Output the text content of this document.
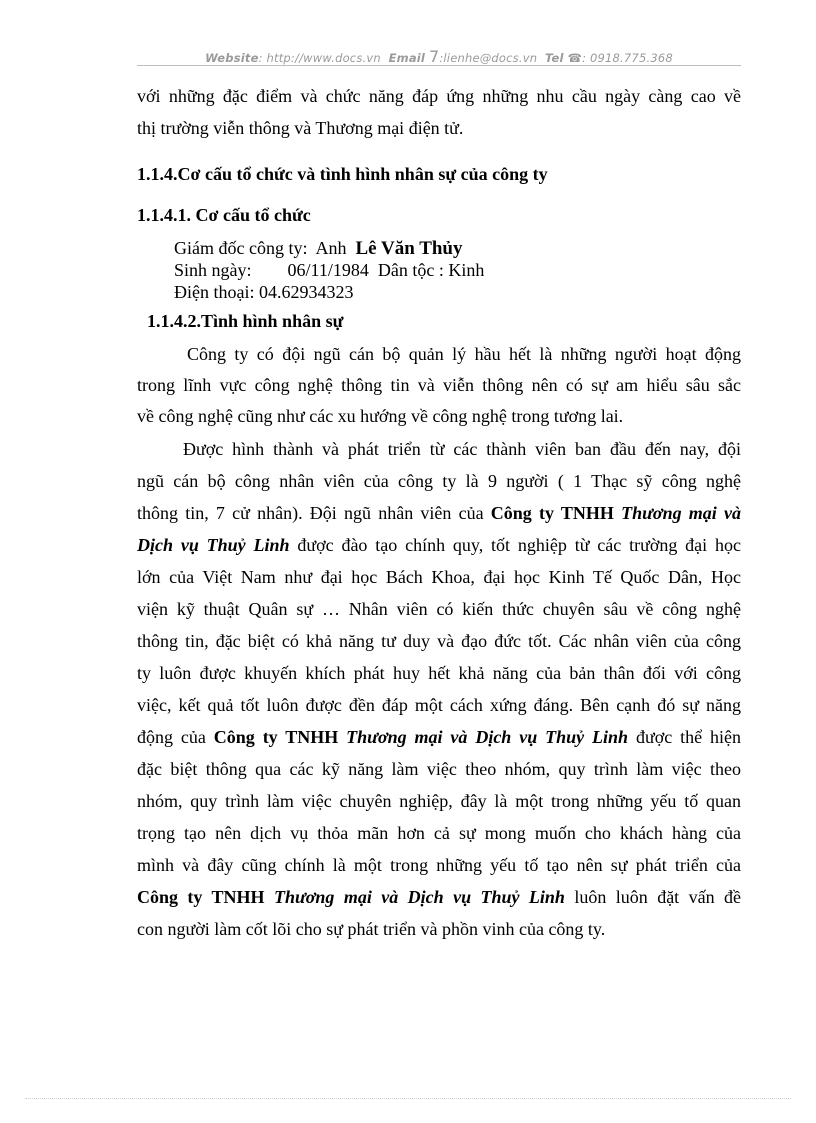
Website: http://www.docs.vn Email 7:lienhe@docs.vn Tel ☎: 0918.775.368
với những đặc điểm và chức năng đáp ứng những nhu cầu ngày càng cao về
thị trường viễn thông và Thương mại điện tử.
1.1.4.Cơ cấu tổ chức và tình hình nhân sự của công ty
1.1.4.1. Cơ cấu tổ chức
Giám đốc công ty:  Anh  Lê Văn Thủy
Sinh ngày:        06/11/1984  Dân tộc : Kinh
Điện thoại: 04.62934323
1.1.4.2.Tình hình nhân sự
Công ty có đội ngũ cán bộ quản lý hầu hết là những người hoạt động
trong lĩnh vực công nghệ thông tin và viễn thông nên có sự am hiểu sâu sắc
về công nghệ cũng như các xu hướng về công nghệ trong tương lai.
Được hình thành và phát triển từ các thành viên ban đầu đến nay, đội
ngũ cán bộ công nhân viên của công ty là 9 người ( 1 Thạc sỹ công nghệ
thông tin, 7 cử nhân). Đội ngũ nhân viên của Công ty TNHH Thương mại và
Dịch vụ Thuỷ Linh được đào tạo chính quy, tốt nghiệp từ các trường đại học
lớn của Việt Nam như đại học Bách Khoa, đại học Kinh Tế Quốc Dân, Học
viện kỹ thuật Quân sự … Nhân viên có kiến thức chuyên sâu về công nghệ
thông tin, đặc biệt có khả năng tư duy và đạo đức tốt. Các nhân viên của công
ty luôn được khuyến khích phát huy hết khả năng của bản thân đối với công
việc, kết quả tốt luôn được đền đáp một cách xứng đáng. Bên cạnh đó sự năng
động của Công ty TNHH Thương mại và Dịch vụ Thuỷ Linh được thể hiện
đặc biệt thông qua các kỹ năng làm việc theo nhóm, quy trình làm việc theo
nhóm, quy trình làm việc chuyên nghiệp, đây là một trong những yếu tố quan
trọng tạo nên dịch vụ thỏa mãn hơn cả sự mong muốn cho khách hàng của
mình và đây cũng chính là một trong những yếu tố tạo nên sự phát triển của
Công ty TNHH Thương mại và Dịch vụ Thuỷ Linh luôn luôn đặt vấn đề
con người làm cốt lõi cho sự phát triển và phồn vinh của công ty.
